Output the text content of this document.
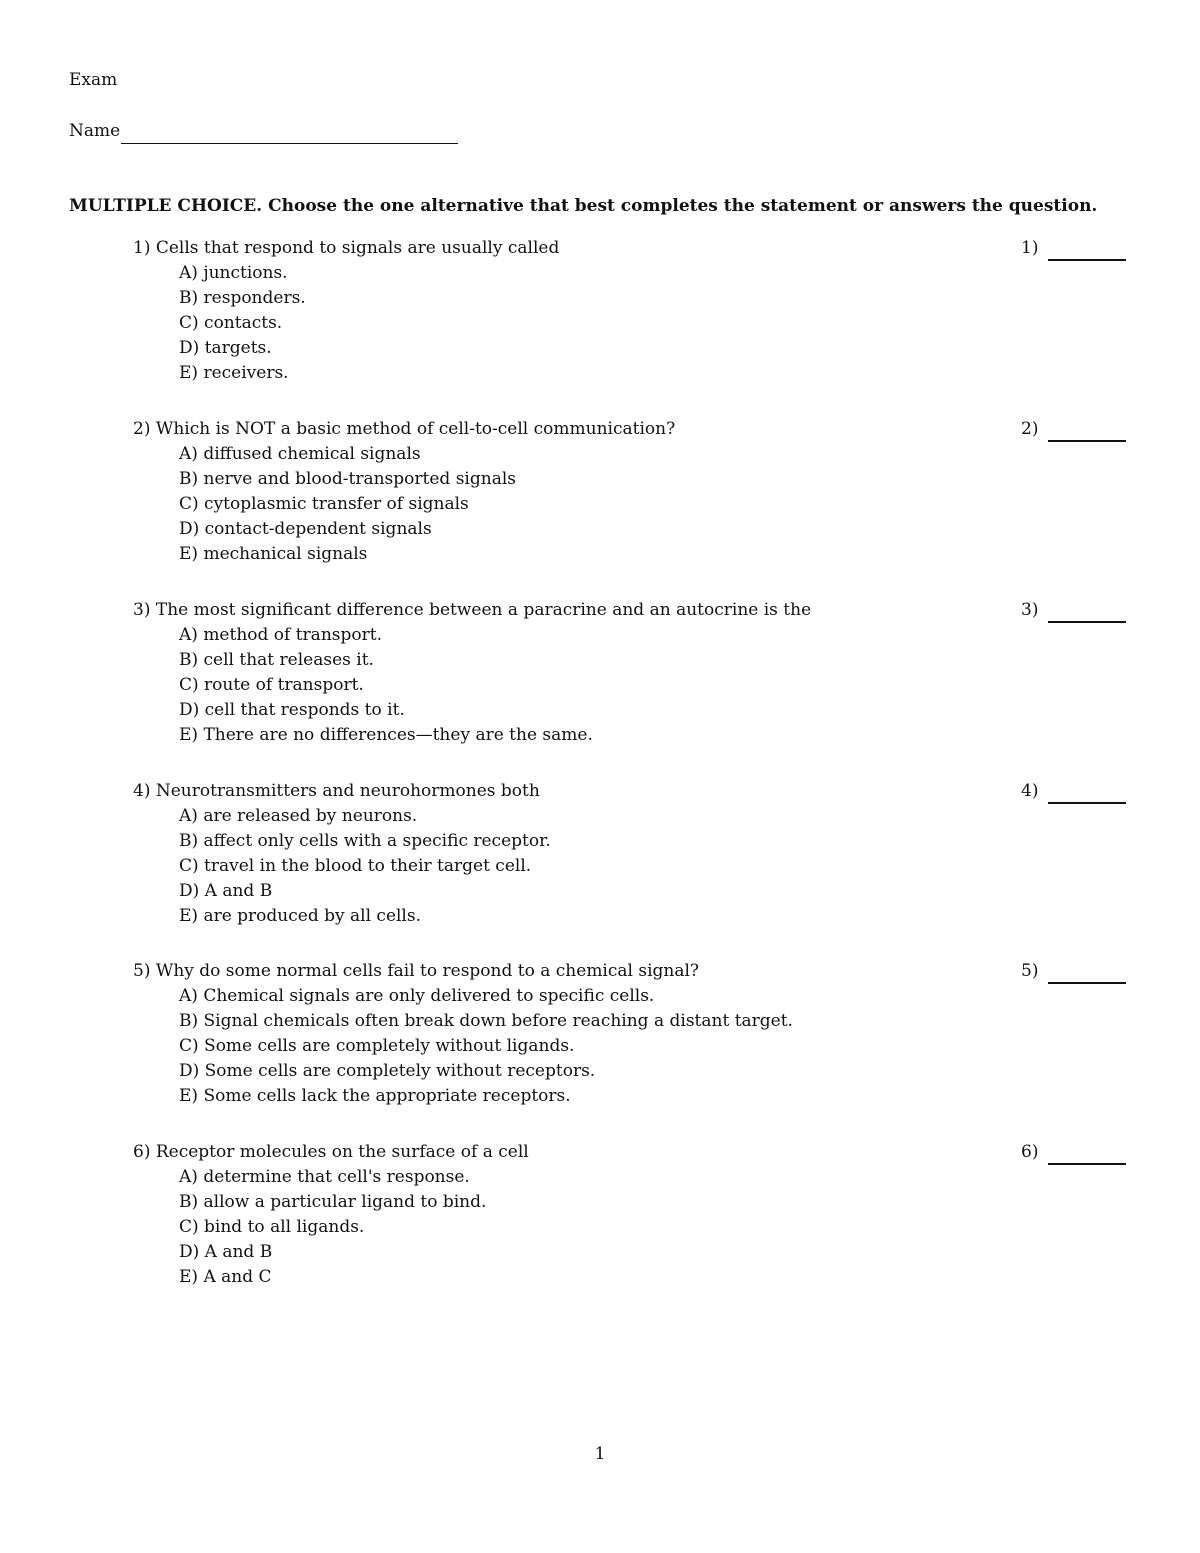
Exam
Name
MULTIPLE CHOICE. Choose the one alternative that best completes the statement or answers the question.
1) Cells that respond to signals are usually called
A) junctions.
B) responders.
C) contacts.
D) targets.
E) receivers.
1)
2) Which is NOT a basic method of cell-to-cell communication?
A) diffused chemical signals
B) nerve and blood-transported signals
C) cytoplasmic transfer of signals
D) contact-dependent signals
E) mechanical signals
2)
3) The most significant difference between a paracrine and an autocrine is the
A) method of transport.
B) cell that releases it.
C) route of transport.
D) cell that responds to it.
E) There are no differences—they are the same.
3)
4) Neurotransmitters and neurohormones both
A) are released by neurons.
B) affect only cells with a specific receptor.
C) travel in the blood to their target cell.
D) A and B
E) are produced by all cells.
4)
5) Why do some normal cells fail to respond to a chemical signal?
A) Chemical signals are only delivered to specific cells.
B) Signal chemicals often break down before reaching a distant target.
C) Some cells are completely without ligands.
D) Some cells are completely without receptors.
E) Some cells lack the appropriate receptors.
5)
6) Receptor molecules on the surface of a cell
A) determine that cell's response.
B) allow a particular ligand to bind.
C) bind to all ligands.
D) A and B
E) A and C
6)
1
